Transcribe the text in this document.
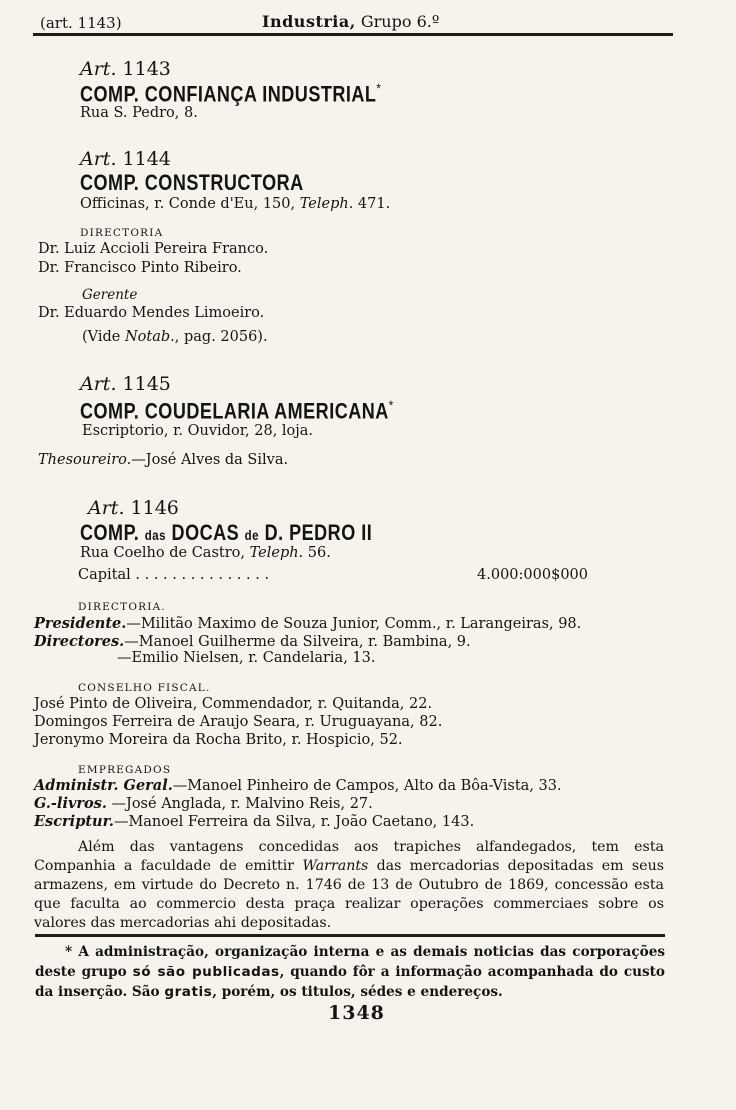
(art. 1143)	Industria, Grupo 6.º
Art. 1143
COMP. CONFIANÇA INDUSTRIAL*
Rua S. Pedro, 8.
Art. 1144
COMP. CONSTRUCTORA
Officinas, r. Conde d'Eu, 150, Teleph. 471.
DIRECTORIA
Dr. Luiz Accioli Pereira Franco.
Dr. Francisco Pinto Ribeiro.
Gerente
Dr. Eduardo Mendes Limoeiro.
(Vide Notab., pag. 2056).
Art. 1145
COMP. COUDELARIA AMERICANA*
Escriptorio, r. Ouvidor, 28, loja.
Thesoureiro.—José Alves da Silva.
Art. 1146
COMP. das DOCAS de D. PEDRO II
Rua Coelho de Castro, Teleph. 56.
Capital . . . . . . . . . . . . . . .	4.000:000$000
DIRECTORIA.
Presidente.—Militão Maximo de Souza Junior, Comm., r. Larangeiras, 98.
Directores.—Manoel Guilherme da Silveira, r. Bambina, 9.
—Emilio Nielsen, r. Candelaria, 13.
CONSELHO FISCAL.
José Pinto de Oliveira, Commendador, r. Quitanda, 22.
Domingos Ferreira de Araujo Seara, r. Uruguayana, 82.
Jeronymo Moreira da Rocha Brito, r. Hospicio, 52.
EMPREGADOS
Administr. Geral.—Manoel Pinheiro de Campos, Alto da Bôa-Vista, 33.
G.-livros. —José Anglada, r. Malvino Reis, 27.
Escriptur.—Manoel Ferreira da Silva, r. João Caetano, 143.
Além das vantagens concedidas aos trapiches alfandegados, tem esta Companhia a faculdade de emittir Warrants das mercadorias depositadas em seus armazens, em virtude do Decreto n. 1746 de 13 de Outubro de 1869, concessão esta que faculta ao commercio desta praça realizar operações commerciaes sobre os valores das mercadorias ahi depositadas.
* A administração, organização interna e as demais noticias das corporações deste grupo só são publicadas, quando fôr a informação acompanhada do custo da inserção. São gratis, porém, os titulos, sédes e endereços.
1348
